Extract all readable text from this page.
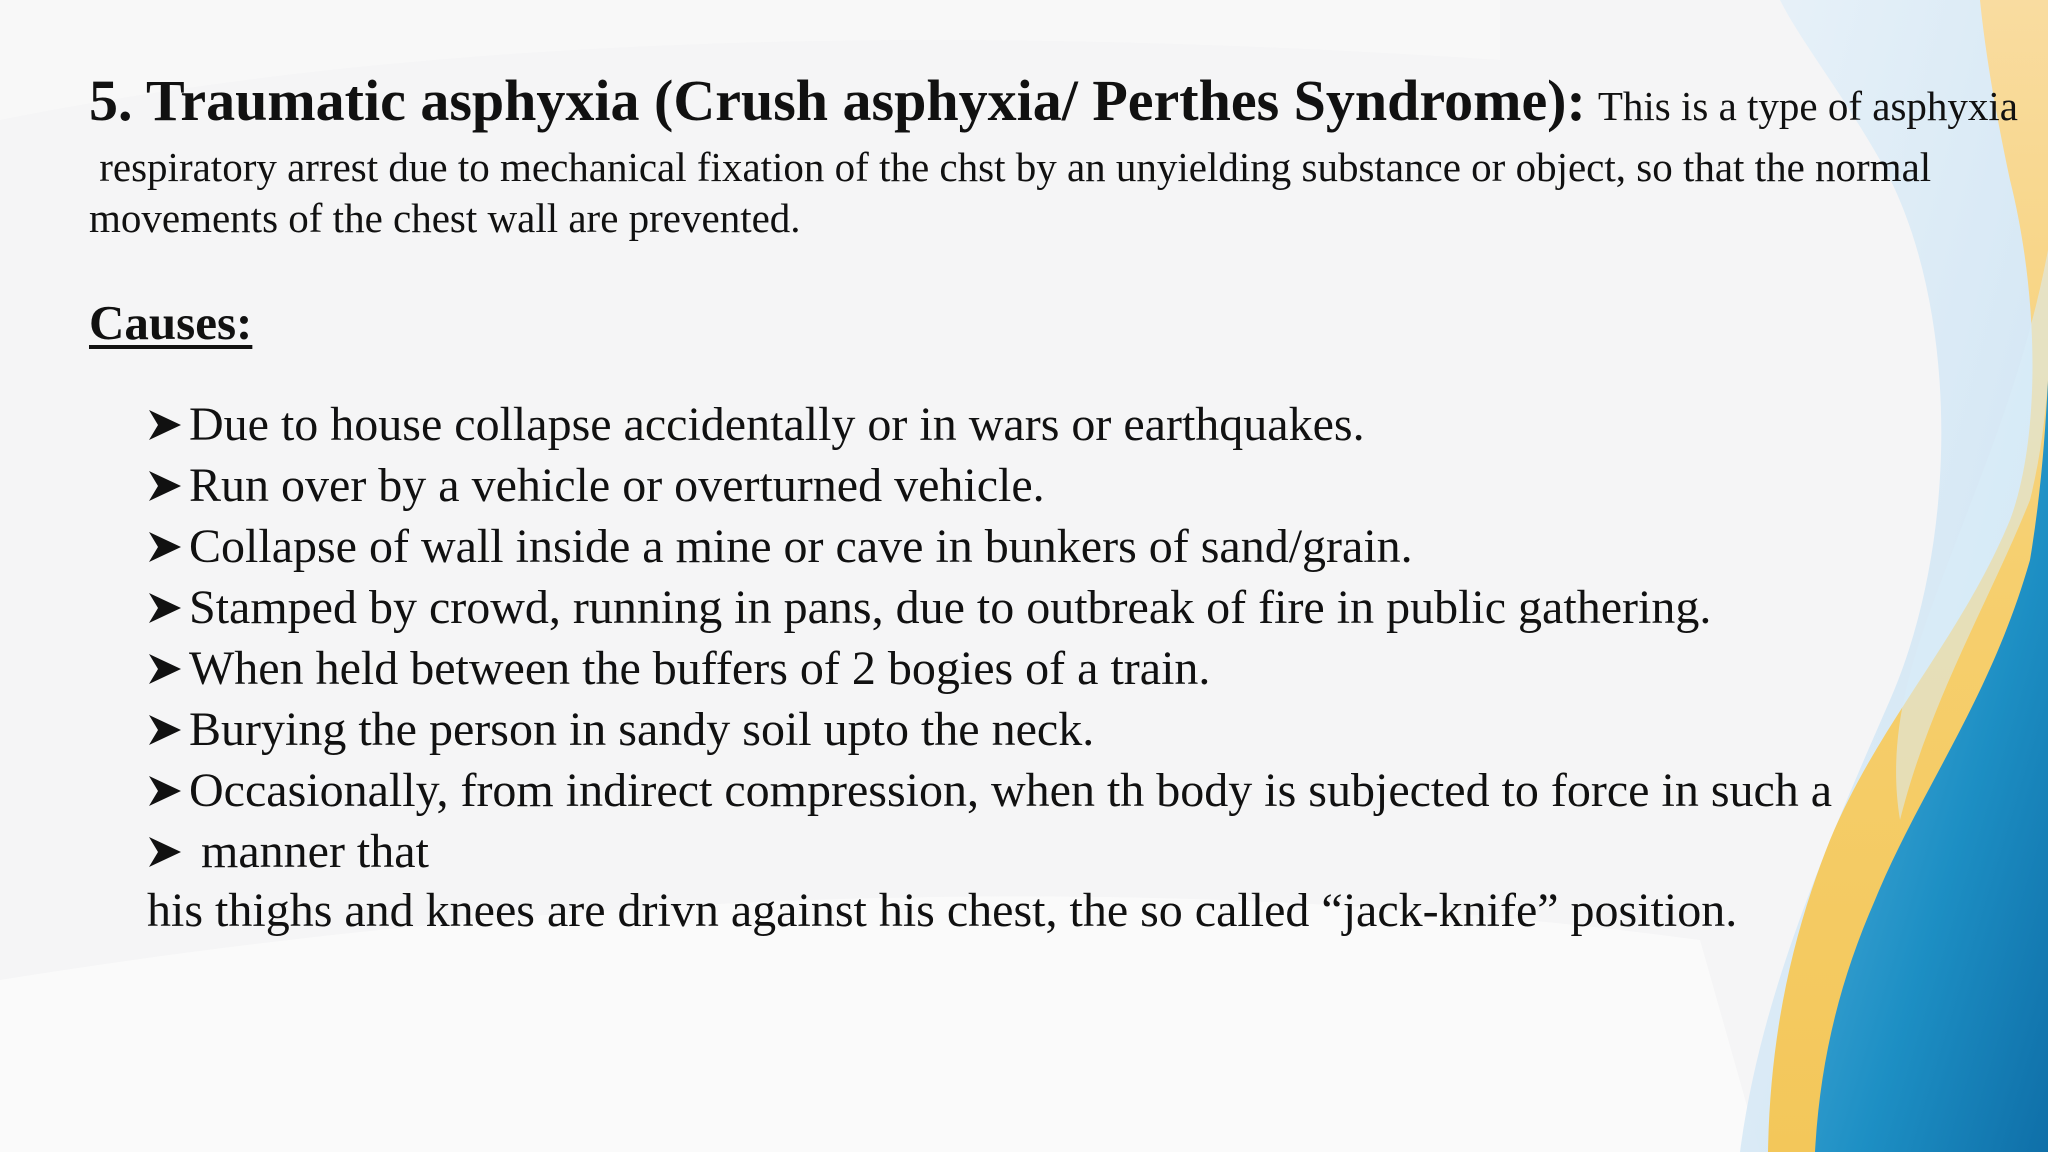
5. Traumatic asphyxia (Crush asphyxia/ Perthes Syndrome): This is a type of asphyxia
respiratory arrest due to mechanical fixation of the chst by an unyielding substance or object, so that the normal
movements of the chest wall are prevented.
Causes:
Due to house collapse accidentally or in wars or earthquakes.
Run over by a vehicle or overturned vehicle.
Collapse of wall inside a mine or cave in bunkers of sand/grain.
Stamped by crowd, running in pans, due to outbreak of fire in public gathering.
When held between the buffers of 2 bogies of a train.
Burying the person in sandy soil upto the neck.
Occasionally, from indirect compression, when th body is subjected to force in such a
manner that
his thighs and knees are drivn against his chest, the so called “jack-knife” position.
